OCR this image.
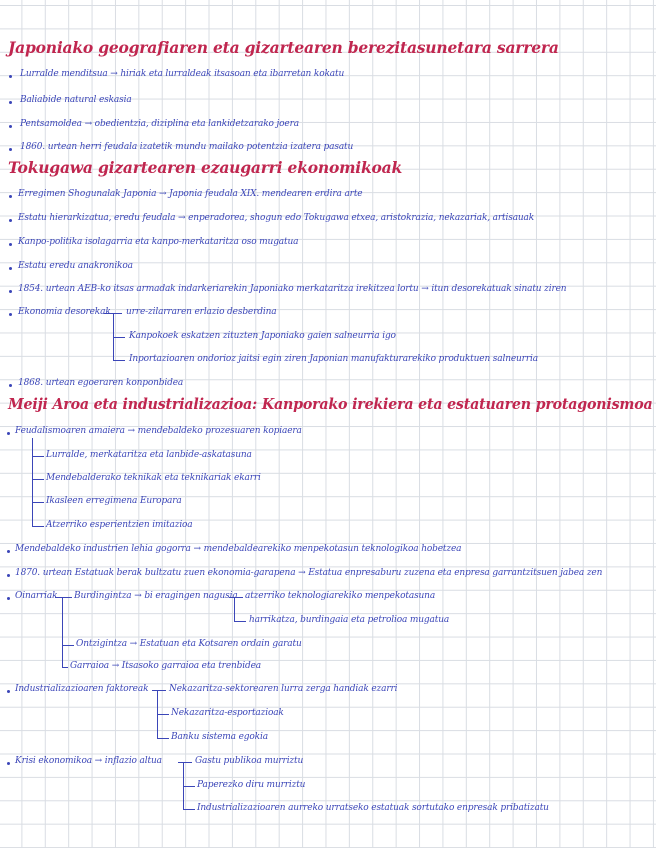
Japoniako geografiaren eta gizartearen berezitasunetara sarrera
Lurralde menditsua → hiriak eta lurraldeak itsasoan eta ibarretan kokatu
Baliabide natural eskasia
Pentsamoldea → obedientzia, diziplina eta lankidetzarako joera
1860. urtean herri feudala izatetik mundu mailako potentzia izatera pasatu
Tokugawa gizartearen ezaugarri ekonomikoak
Erregimen Shogunalak Japonia → Japonia feudala XIX. mendearen erdira arte
Estatu hierarkizatua, eredu feudala → enperadorea, shogun edo Tokugawa etxea, aristokrazia, nekazariak, artisauak
Kanpo-politika isolagarria eta kanpo-merkataritza oso mugatua
Estatu eredu anakronikoa
1854. urtean AEB-ko itsas armadak indarkeriarekin Japoniako merkataritza irekitzea lortu → itun desorekatuak sinatu ziren
Ekonomia desorekak urre-zilarraren erlazio desberdina
Kanpokoek eskatzen zituzten Japoniako gaien salneurria igo
Inportazioaren ondorioz jaitsi egin ziren Japonian manufakturarekiko produktuen salneurria
1868. urtean egoeraren konponbidea
Meiji Aroa eta industrializazioa: Kanporako irekiera eta estatuaren protagonismoa
Feudalismoaren amaiera → mendebaldeko prozesuaren kopiaera
Lurralde, merkataritza eta lanbide-askatasuna
Mendebalderako teknikak eta teknikariak ekarri
Ikasleen erregimena Europara
Atzerriko esperientzien imitazioa
Mendebaldeko industrien lehia gogorra → mendebaldearekiko menpekotasun teknologikoa hobetzea
1870. urtean Estatuak berak bultzatu zuen ekonomia-garapena → Estatua enpresaburu zuzena eta enpresa garrantzitsuen jabea zen
Oinarriak Burdingintza → bi eragingen nagusia atzerriko teknologiarekiko menpekotasuna
harrikatza, burdingaia eta petrolioa mugatua
Ontzigintza → Estatuan eta Kotsaren ordain garatu
Garraioa → Itsasoko garraioa eta trenbidea
Industrializazioaren faktoreak Nekazaritza-sektorearen lurra zerga handiak ezarri
Nekazaritza-esportazioak
Banku sistema egokia
Krisi ekonomikoa → inflazio altua	Gastu publikoa murriztu
Paperezko diru murriztu
Industrializazioaren aurreko urratseko estatuak sortutako enpresak pribatizatu
